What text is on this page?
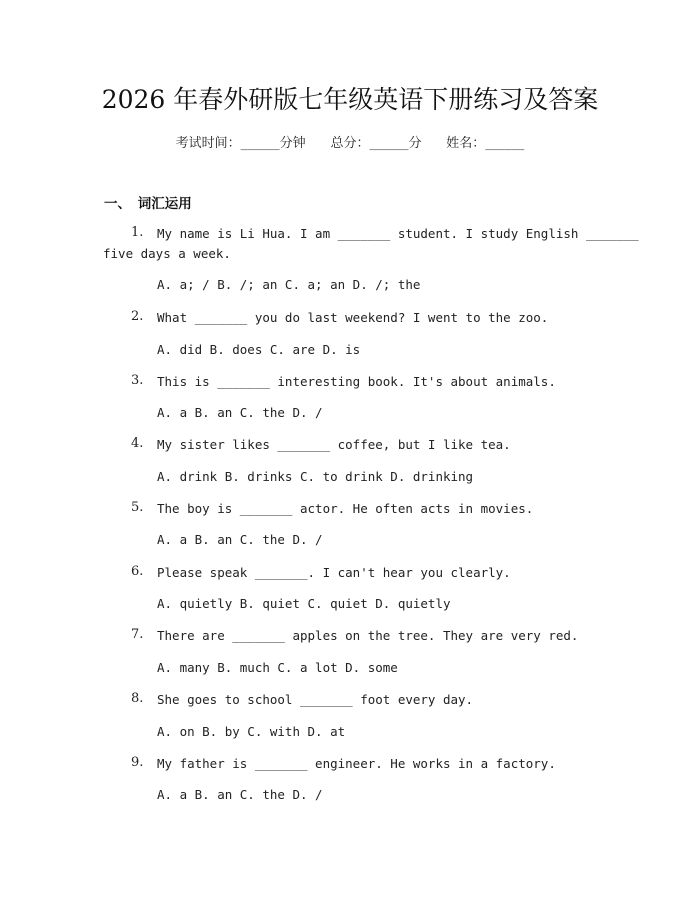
2026 年春外研版七年级英语下册练习及答案
考试时间：______分钟 总分：______分 姓名：______
一、　词汇运用
1. My name is Li Hua. I am _______ student. I study English _______
five days a week.
A. a; / B. /; an C. a; an D. /; the
2. What _______ you do last weekend? I went to the zoo.
A. did B. does C. are D. is
3. This is _______ interesting book. It's about animals.
A. a B. an C. the D. /
4. My sister likes _______ coffee, but I like tea.
A. drink B. drinks C. to drink D. drinking
5. The boy is _______ actor. He often acts in movies.
A. a B. an C. the D. /
6. Please speak _______. I can't hear you clearly.
A. quietly B. quiet C. quiet D. quietly
7. There are _______ apples on the tree. They are very red.
A. many B. much C. a lot D. some
8. She goes to school _______ foot every day.
A. on B. by C. with D. at
9. My father is _______ engineer. He works in a factory.
A. a B. an C. the D. /
